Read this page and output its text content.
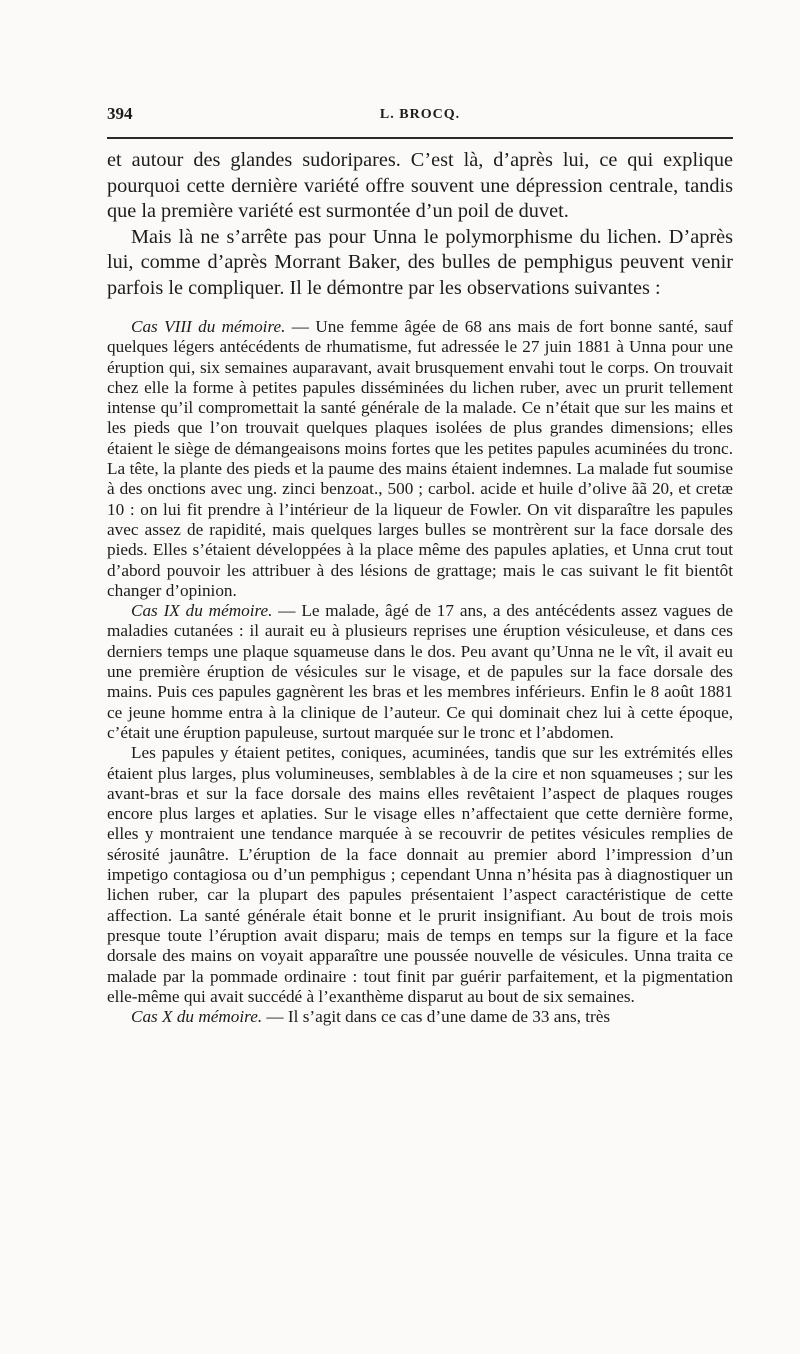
394	L. BROCQ.

et autour des glandes sudoripares. C’est là, d’après lui, ce qui explique pourquoi cette dernière variété offre souvent une dépression centrale, tandis que la première variété est surmontée d’un poil de duvet.

Mais là ne s’arrête pas pour Unna le polymorphisme du lichen. D’après lui, comme d’après Morrant Baker, des bulles de pemphigus peuvent venir parfois le compliquer. Il le démontre par les observations suivantes :

Cas VIII du mémoire. — Une femme âgée de 68 ans mais de fort bonne santé, sauf quelques légers antécédents de rhumatisme, fut adressée le 27 juin 1881 à Unna pour une éruption qui, six semaines auparavant, avait brusquement envahi tout le corps. On trouvait chez elle la forme à petites papules disséminées du lichen ruber, avec un prurit tellement intense qu’il compromettait la santé générale de la malade. Ce n’était que sur les mains et les pieds que l’on trouvait quelques plaques isolées de plus grandes dimensions; elles étaient le siège de démangeaisons moins fortes que les petites papules acuminées du tronc. La tête, la plante des pieds et la paume des mains étaient indemnes. La malade fut soumise à des onctions avec ung. zinci benzoat., 500 ; carbol. acide et huile d’olive ãã 20, et cretæ 10 : on lui fit prendre à l’intérieur de la liqueur de Fowler. On vit disparaître les papules avec assez de rapidité, mais quelques larges bulles se montrèrent sur la face dorsale des pieds. Elles s’étaient développées à la place même des papules aplaties, et Unna crut tout d’abord pouvoir les attribuer à des lésions de grattage; mais le cas suivant le fit bientôt changer d’opinion.

Cas IX du mémoire. — Le malade, âgé de 17 ans, a des antécédents assez vagues de maladies cutanées : il aurait eu à plusieurs reprises une éruption vésiculeuse, et dans ces derniers temps une plaque squameuse dans le dos. Peu avant qu’Unna ne le vît, il avait eu une première éruption de vésicules sur le visage, et de papules sur la face dorsale des mains. Puis ces papules gagnèrent les bras et les membres inférieurs. Enfin le 8 août 1881 ce jeune homme entra à la clinique de l’auteur. Ce qui dominait chez lui à cette époque, c’était une éruption papuleuse, surtout marquée sur le tronc et l’abdomen.

Les papules y étaient petites, coniques, acuminées, tandis que sur les extrémités elles étaient plus larges, plus volumineuses, semblables à de la cire et non squameuses ; sur les avant-bras et sur la face dorsale des mains elles revêtaient l’aspect de plaques rouges encore plus larges et aplaties. Sur le visage elles n’affectaient que cette dernière forme, elles y montraient une tendance marquée à se recouvrir de petites vésicules remplies de sérosité jaunâtre. L’éruption de la face donnait au premier abord l’impression d’un impetigo contagiosa ou d’un pemphigus ; cependant Unna n’hésita pas à diagnostiquer un lichen ruber, car la plupart des papules présentaient l’aspect caractéristique de cette affection. La santé générale était bonne et le prurit insignifiant. Au bout de trois mois presque toute l’éruption avait disparu; mais de temps en temps sur la figure et la face dorsale des mains on voyait apparaître une poussée nouvelle de vésicules. Unna traita ce malade par la pommade ordinaire : tout finit par guérir parfaitement, et la pigmentation elle-même qui avait succédé à l’exanthème disparut au bout de six semaines.

Cas X du mémoire. — Il s’agit dans ce cas d’une dame de 33 ans, très
